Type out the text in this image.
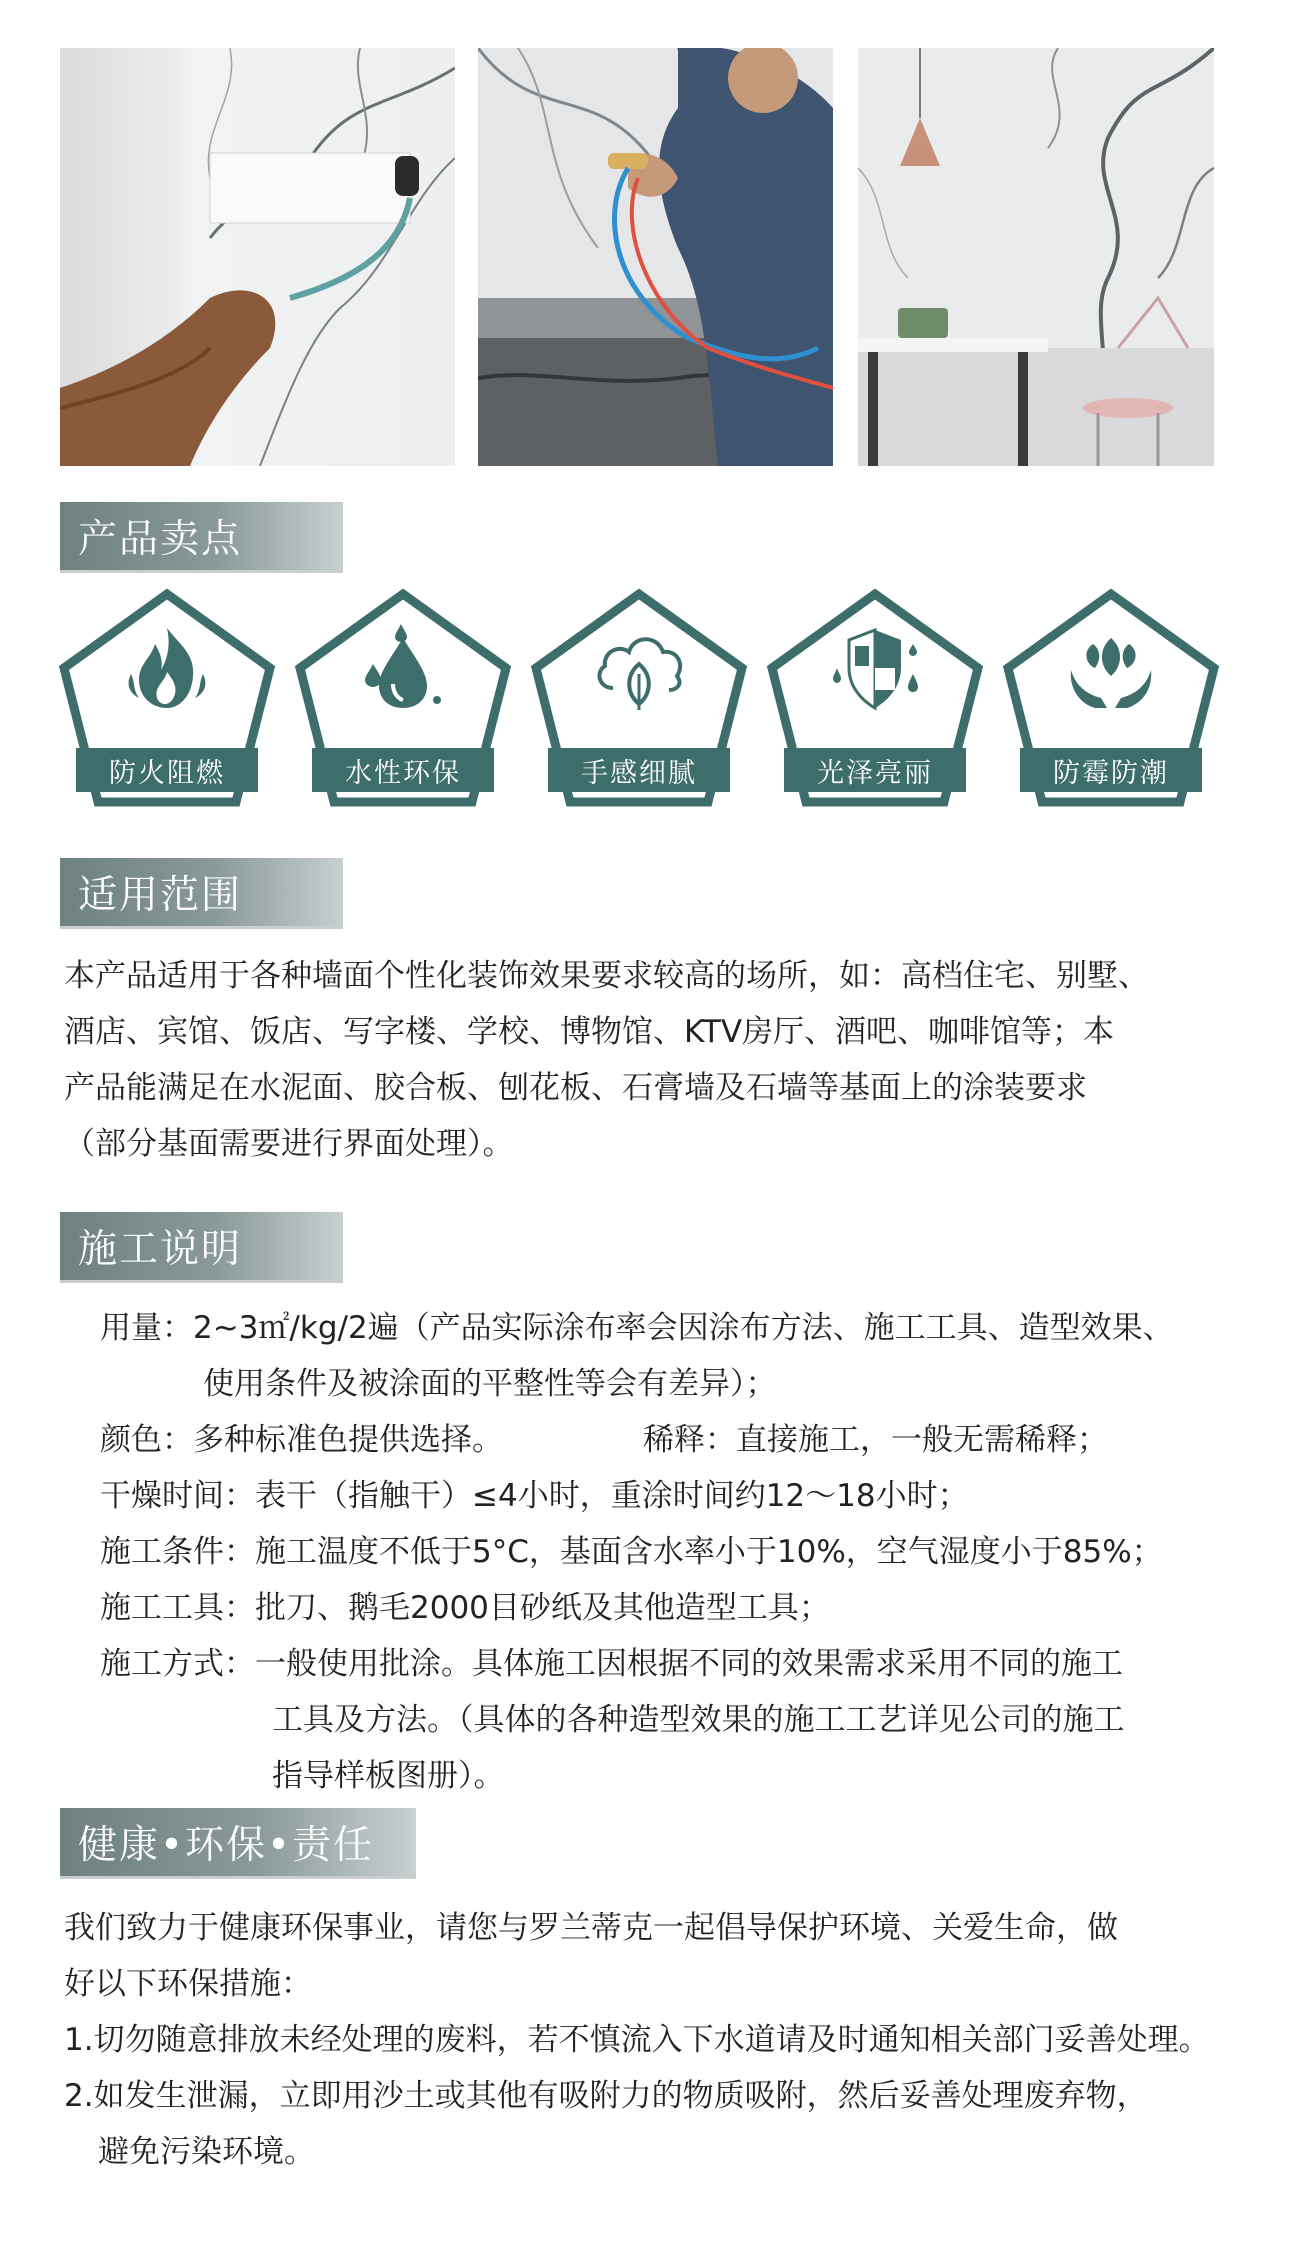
产品卖点
防火阻燃	水性环保	手感细腻	光泽亮丽	防霉防潮
适用范围

本产品适用于各种墙面个性化装饰效果要求较高的场所，如：高档住宅、别墅、

酒店、宾馆、饭店、写字楼、学校、博物馆、KTV房厅、酒吧、咖啡馆等；本

产品能满足在水泥面、胶合板、刨花板、石膏墙及石墙等基面上的涂装要求

（部分基面需要进行界面处理）。

施工说明
用量：2~3㎡/kg/2遍（产品实际涂布率会因涂布方法、施工工具、造型效果、
使用条件及被涂面的平整性等会有差异）；
颜色：多种标准色提供选择。	稀释：直接施工，一般无需稀释；
干燥时间：表干（指触干）≤4小时，重涂时间约12～18小时；
施工条件：施工温度不低于5°C，基面含水率小于10%，空气湿度小于85%；
施工工具：批刀、鹅毛2000目砂纸及其他造型工具；
施工方式：一般使用批涂。具体施工因根据不同的效果需求采用不同的施工
工具及方法。（具体的各种造型效果的施工工艺详见公司的施工
指导样板图册）。
健康•环保•责任

我们致力于健康环保事业，请您与罗兰蒂克一起倡导保护环境、关爱生命，做

好以下环保措施：

1.切勿随意排放未经处理的废料，若不慎流入下水道请及时通知相关部门妥善处理。

2.如发生泄漏，立即用沙土或其他有吸附力的物质吸附，然后妥善处理废弃物，

避免污染环境。
